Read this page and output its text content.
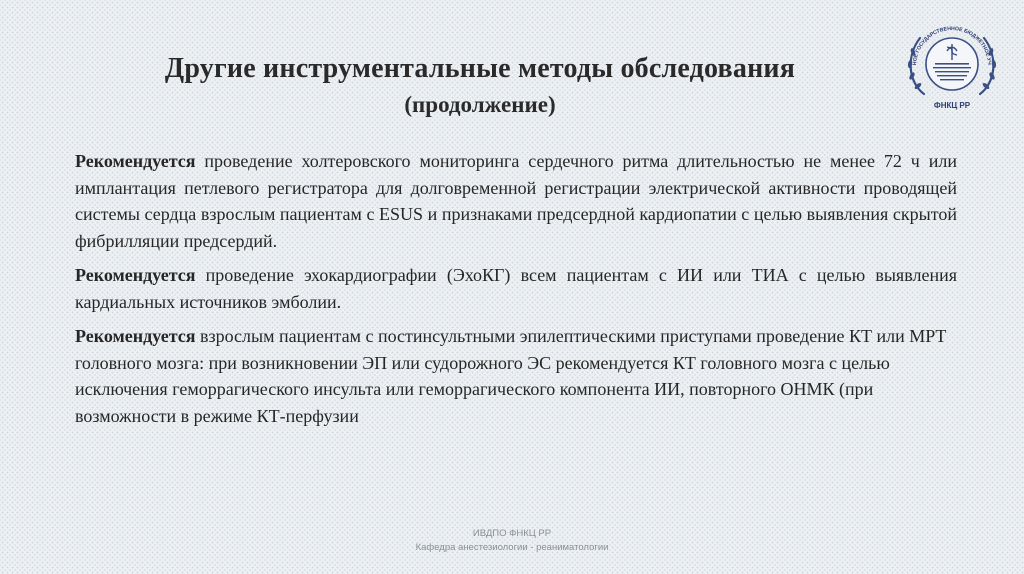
Другие инструментальные методы обследования
(продолжение)
НОЕ ГОСУДАРСТВЕННОЕ БЮДЖЕТНОЕ УЧ
ФНКЦ РР

Рекомендуется проведение холтеровского мониторинга сердечного ритма длительностью не менее 72 ч или имплантация петлевого регистратора для долговременной регистрации электрической активности проводящей системы сердца взрослым пациентам с ESUS и признаками предсердной кардиопатии с целью выявления скрытой фибрилляции предсердий.

Рекомендуется проведение эхокардиографии (ЭхоКГ) всем пациентам с ИИ или ТИА с целью выявления кардиальных источников эмболии.

Рекомендуется взрослым пациентам с постинсультными эпилептическими приступами проведение КТ или МРТ головного мозга: при возникновении ЭП или судорожного ЭС рекомендуется КТ головного мозга с целью исключения геморрагического инсульта или геморрагического компонента ИИ, повторного ОНМК (при возможности в режиме КТ-перфузии

ИВДПО ФНКЦ РР
Кафедра анестезиологии - реаниматологии
